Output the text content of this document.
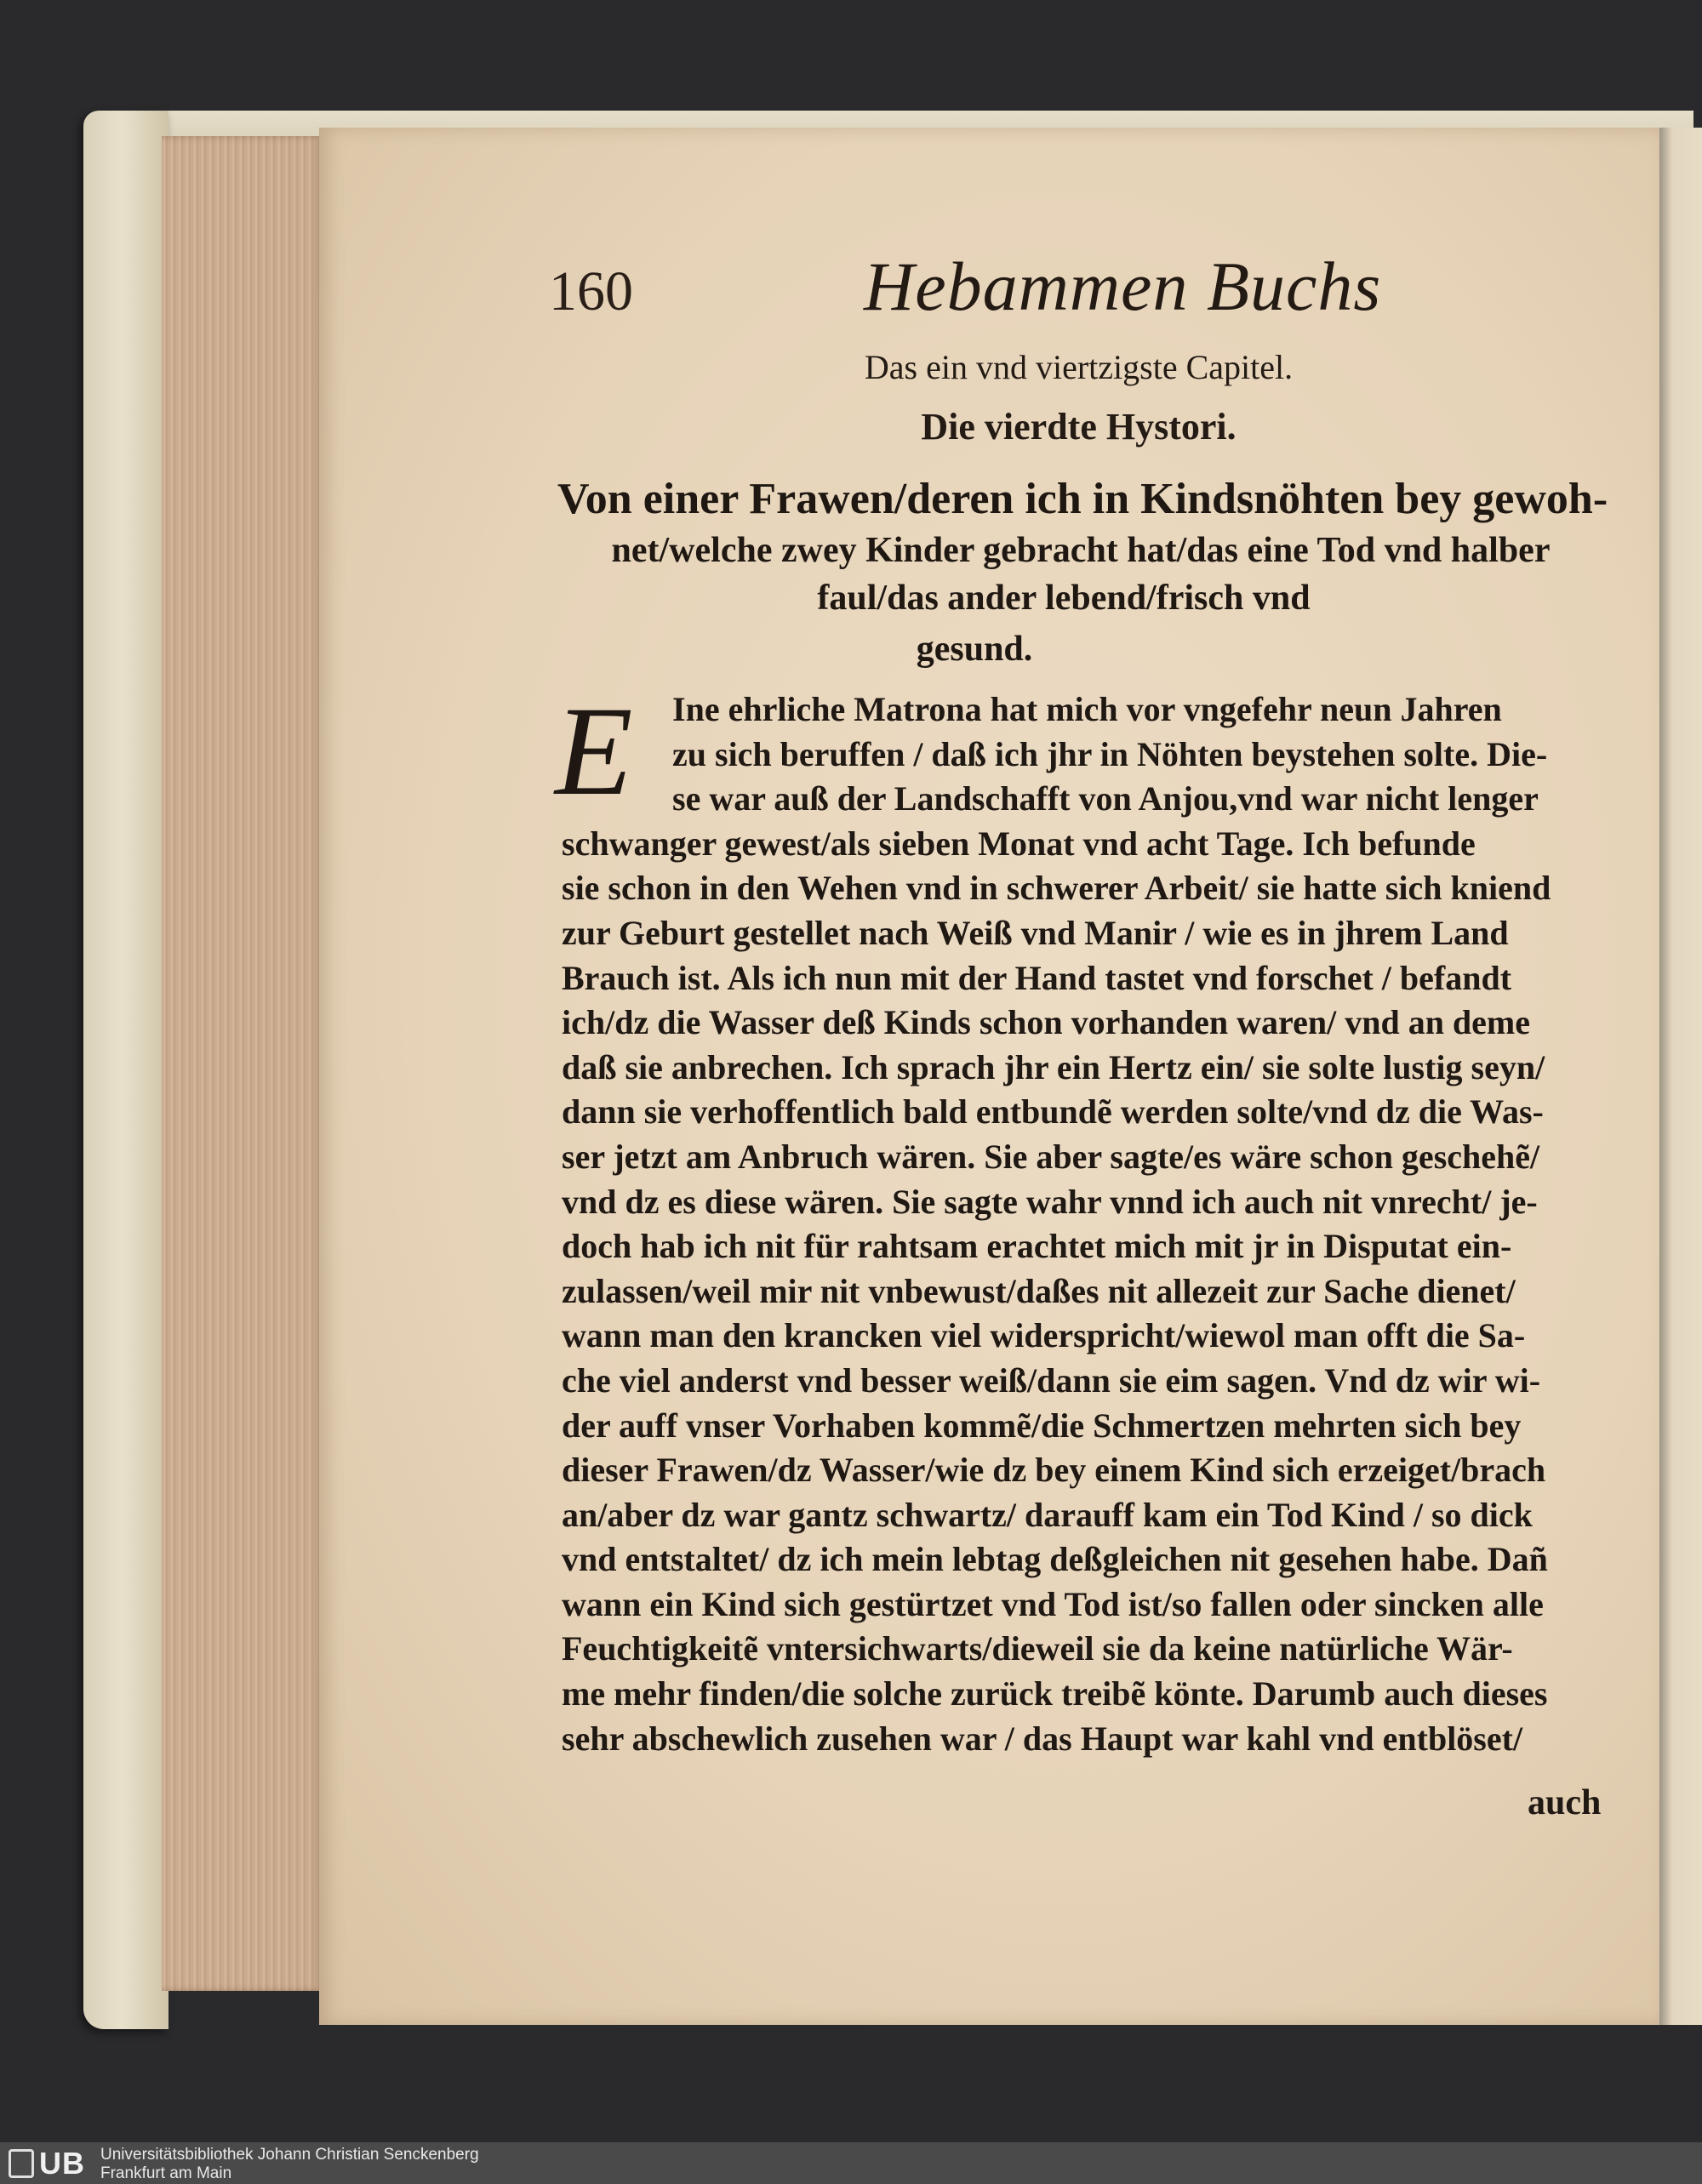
160	Hebammen Buchs
Das ein vnd viertzigste Capitel.
Die vierdte Hystori.
Von einer Frawen/deren ich in Kindsnöhten bey gewoh-
net/welche zwey Kinder gebracht hat/das eine Tod vnd halber
faul/das ander lebend/frisch vnd
gesund.
E	Ine ehrliche Matrona hat mich vor vngefehr neun Jahren
zu sich beruffen / daß ich jhr in Nöhten beystehen solte. Die-
se war auß der Landschafft von Anjou,vnd war nicht lenger
schwanger gewest/als sieben Monat vnd acht Tage. Ich befunde
sie schon in den Wehen vnd in schwerer Arbeit/ sie hatte sich kniend
zur Geburt gestellet nach Weiß vnd Manir / wie es in jhrem Land
Brauch ist. Als ich nun mit der Hand tastet vnd forschet / befandt
ich/dz die Wasser deß Kinds schon vorhanden waren/ vnd an deme
daß sie anbrechen. Ich sprach jhr ein Hertz ein/ sie solte lustig seyn/
dann sie verhoffentlich bald entbundẽ werden solte/vnd dz die Was-
ser jetzt am Anbruch wären. Sie aber sagte/es wäre schon geschehẽ/
vnd dz es diese wären. Sie sagte wahr vnnd ich auch nit vnrecht/ je-
doch hab ich nit für rahtsam erachtet mich mit jr in Disputat ein-
zulassen/weil mir nit vnbewust/daßes nit allezeit zur Sache dienet/
wann man den krancken viel widerspricht/wiewol man offt die Sa-
che viel anderst vnd besser weiß/dann sie eim sagen. Vnd dz wir wi-
der auff vnser Vorhaben kommẽ/die Schmertzen mehrten sich bey
dieser Frawen/dz Wasser/wie dz bey einem Kind sich erzeiget/brach
an/aber dz war gantz schwartz/ darauff kam ein Tod Kind / so dick
vnd entstaltet/ dz ich mein lebtag deßgleichen nit gesehen habe. Dañ
wann ein Kind sich gestürtzet vnd Tod ist/so fallen oder sincken alle
Feuchtigkeitẽ vntersichwarts/dieweil sie da keine natürliche Wär-
me mehr finden/die solche zurück treibẽ könte. Darumb auch dieses
sehr abschewlich zusehen war / das Haupt war kahl vnd entblöset/
auch
UB Universitätsbibliothek Johann Christian Senckenberg
Frankfurt am Main
